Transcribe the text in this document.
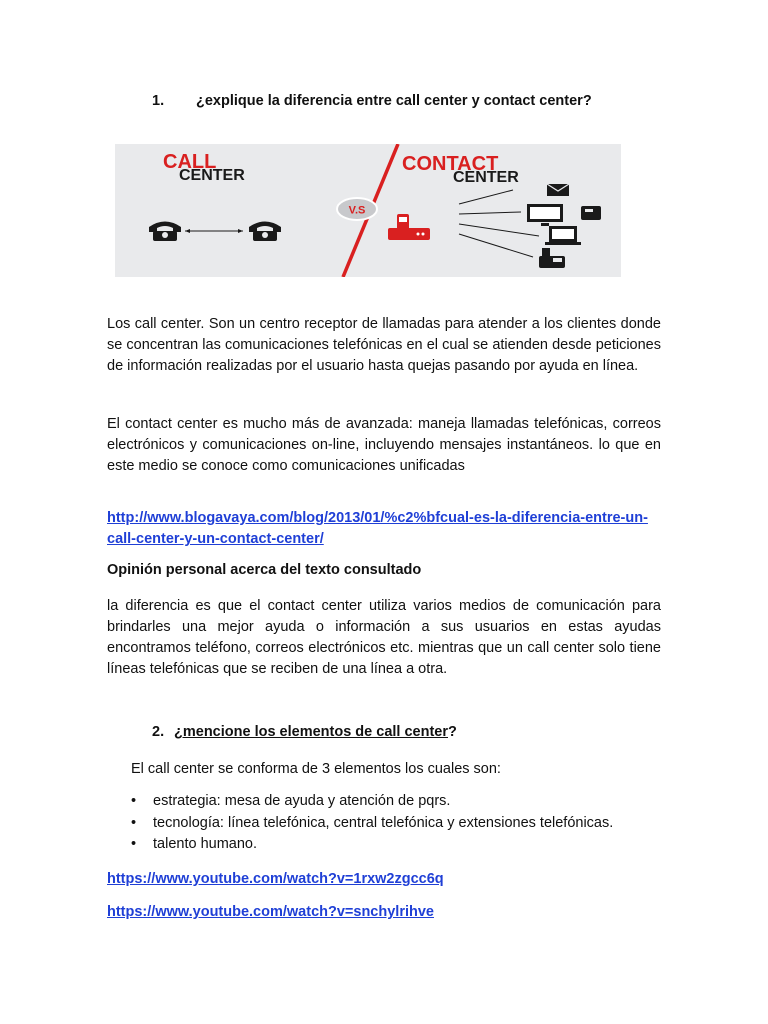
1. ¿explique la diferencia entre call center y contact center?

CALL
CENTER
CONTACT
CENTER
V.S

Los call center. Son un centro receptor de llamadas para atender a los clientes donde se concentran las comunicaciones telefónicas en el cual se atienden desde peticiones de información realizadas por el usuario hasta quejas pasando por ayuda en línea.

El contact center es mucho más de avanzada: maneja llamadas telefónicas, correos electrónicos y comunicaciones on-line, incluyendo mensajes instantáneos. lo que en este medio se conoce como comunicaciones unificadas

http://www.blogavaya.com/blog/2013/01/%c2%bfcual-es-la-diferencia-entre-un-call-center-y-un-contact-center/

Opinión personal acerca del texto consultado

la diferencia es que el contact center utiliza varios medios de comunicación para brindarles una mejor ayuda o información a sus usuarios en estas ayudas encontramos teléfono, correos electrónicos etc. mientras que un call center solo tiene líneas telefónicas que se reciben de una línea a otra.

2. ¿mencione los elementos de call center?

El call center se conforma de 3 elementos los cuales son:

• estrategia: mesa de ayuda y atención de pqrs.
• tecnología: línea telefónica, central telefónica y extensiones telefónicas.
• talento humano.
https://www.youtube.com/watch?v=1rxw2zgcc6q
https://www.youtube.com/watch?v=snchylrihve
